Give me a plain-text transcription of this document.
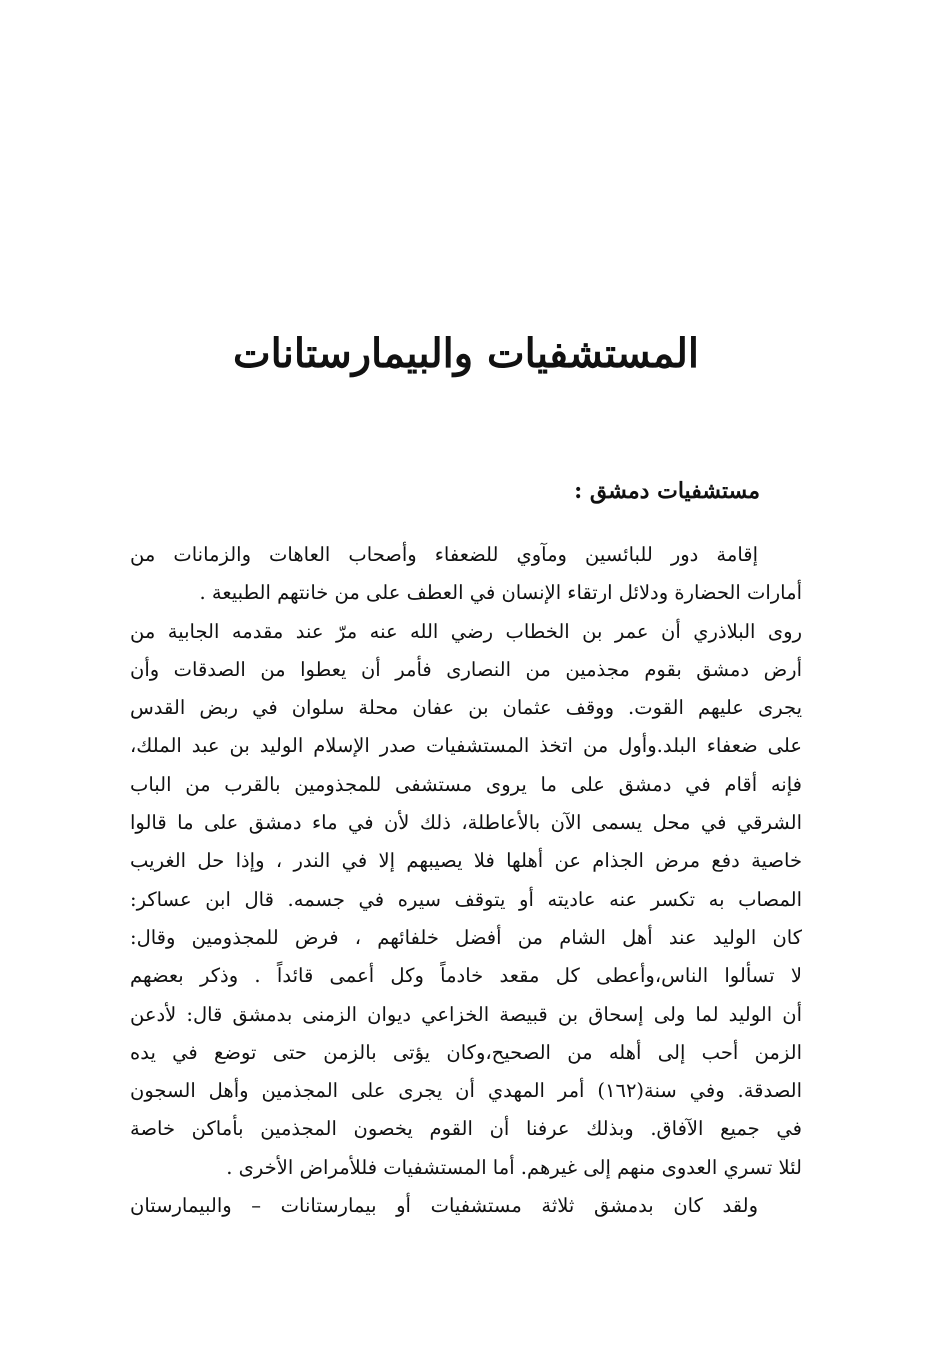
المستشفيات والبيمارستانات
مستشفيات دمشق :
إقامة دور للبائسين ومآوي للضعفاء وأصحاب العاهات والزمانات من
أمارات الحضارة ودلائل ارتقاء الإنسان في العطف على من خانتهم الطبيعة .
روى البلاذري أن عمر بن الخطاب رضي الله عنه مرّ عند مقدمه الجابية من
أرض دمشق بقوم مجذمين من النصارى فأمر أن يعطوا من الصدقات وأن
يجرى عليهم القوت. ووقف عثمان بن عفان محلة سلوان في ربض القدس
على ضعفاء البلد.وأول من اتخذ المستشفيات صدر الإسلام الوليد بن عبد الملك،
فإنه أقام في دمشق على ما يروى مستشفى للمجذومين بالقرب من الباب
الشرقي في محل يسمى الآن بالأعاطلة، ذلك لأن في ماء دمشق على ما قالوا
خاصية دفع مرض الجذام عن أهلها فلا يصيبهم إلا في الندر ، وإذا حل الغريب
المصاب به تكسر عنه عاديته أو يتوقف سيره في جسمه. قال ابن عساكر:
كان الوليد عند أهل الشام من أفضل خلفائهم ، فرض للمجذومين وقال:
لا تسألوا الناس،وأعطى كل مقعد خادماً وكل أعمى قائداً . وذكر بعضهم
أن الوليد لما ولى إسحاق بن قبيصة الخزاعي ديوان الزمنى بدمشق قال: لأدعن
الزمن أحب إلى أهله من الصحيح،وكان يؤتى بالزمن حتى توضع في يده
الصدقة. وفي سنة(١٦٢) أمر المهدي أن يجرى على المجذمين وأهل السجون
في جميع الآفاق. وبذلك عرفنا أن القوم يخصون المجذمين بأماكن خاصة
لئلا تسري العدوى منهم إلى غيرهم. أما المستشفيات فللأمراض الأخرى .
ولقد كان بدمشق ثلاثة مستشفيات أو بيمارستانات – والبيمارستان
